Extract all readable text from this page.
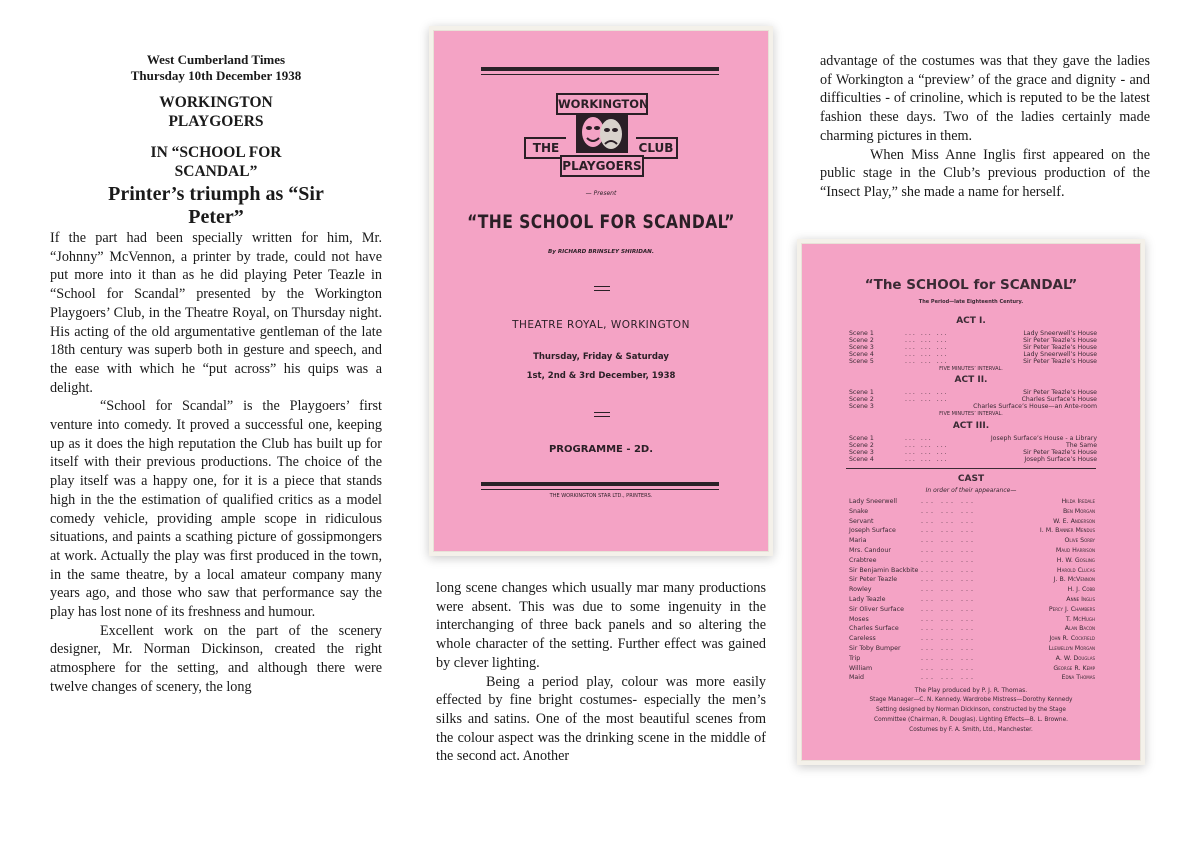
West Cumberland Times
Thursday 10th December 1938
WORKINGTON
PLAYGOERS
IN “SCHOOL FOR
SCANDAL”
Printer’s triumph as “Sir Peter”

If the part had been specially written for him, Mr. “Johnny” McVennon, a printer by trade, could not have put more into it than as he did playing Peter Teazle in “School for Scandal” presented by the Workington Playgoers’ Club, in the Theatre Royal, on Thursday night. His acting of the old argumentative gentleman of the late 18th century was superb both in gesture and speech, and the ease with which he “put across” his quips was a delight.

“School for Scandal” is the Playgoers’ first venture into comedy. It proved a successful one, keeping up as it does the high reputation the Club has built up for itself with their previous productions. The choice of the play itself was a happy one, for it is a piece that stands high in the the estimation of qualified critics as a model comedy vehicle, providing ample scope in ridiculous situations, and paints a scathing picture of gossipmongers at work. Actually the play was first produced in the town, in the same theatre, by a local amateur company many years ago, and those who saw that performance say the play has lost none of its freshness and humour.

Excellent work on the part of the scenery designer, Mr. Norman Dickinson, created the right atmosphere for the setting, and although there were twelve changes of scenery, the long

WORKINGTON
THE	CLUB
PLAYGOERS
— Present
“THE SCHOOL FOR SCANDAL”
By RICHARD BRINSLEY SHIRIDAN.
THEATRE ROYAL, WORKINGTON
Thursday, Friday & Saturday
1st, 2nd & 3rd December, 1938
PROGRAMME - 2D.
THE WORKINGTON STAR LTD., PRINTERS.

long scene changes which usually mar many productions were absent. This was due to some ingenuity in the interchanging of three back panels and so altering the whole character of the setting. Further effect was gained by clever lighting.

Being a period play, colour was more easily effected by fine bright costumes- especially the men’s silks and satins. One of the most beautiful scenes from the colour aspect was the drinking scene in the middle of the second act. Another

advantage of the costumes was that they gave the ladies of Workington a “preview’ of the grace and dignity - and difficulties - of crinoline, which is reputed to be the latest fashion these days. Two of the ladies certainly made charming pictures in them.

When Miss Anne Inglis first appeared on the public stage in the Club’s previous production of the “Insect Play,” she made a name for herself.

“The SCHOOL for SCANDAL”
The Period—late Eighteenth Century.
ACT I.
Scene 1	... ... ...	Lady Sneerwell’s House
Scene 2	... ... ...	Sir Peter Teazle’s House
Scene 3	... ... ...	Sir Peter Teazle’s House
Scene 4	... ... ...	Lady Sneerwell’s House
Scene 5	... ... ...	Sir Peter Teazle’s House
FIVE MINUTES’ INTERVAL.
ACT II.
Scene 1	... ... ...	Sir Peter Teazle’s House
Scene 2	... ... ...	Charles Surface’s House
Scene 3	Charles Surface’s House—an Ante-room
FIVE MINUTES’ INTERVAL.
ACT III.
Scene 1	... ...	Joseph Surface’s House - a Library
Scene 2	... ... ...	The Same
Scene 3	... ... ...	Sir Peter Teazle’s House
Scene 4	... ... ...	Joseph Surface’s House
CAST
In order of their appearance—
Lady Sneerwell	... ... ...	Hilda Iredale
Snake	... ... ...	Ben Morgan
Servant	... ... ...	W. E. Anderson
Joseph Surface	... ... ...	I. M. Banner Mendus
Maria	... ... ...	Olive Sorby
Mrs. Candour	... ... ...	Maud Harrison
Crabtree	... ... ...	H. W. Gosling
Sir Benjamin Backbite ... ... ...	Harold Clucas
Sir Peter Teazle	... ... ...	J. B. McVennon
Rowley	... ... ...	H. J. Cobb
Lady Teazle	... ... ...	Anne Inglis
Sir Oliver Surface	... ... ...	Percy J. Chambers
Moses	... ... ...	T. McHugh
Charles Surface	... ... ...	Alan Bacon
Careless	... ... ...	John R. Cockfield
Sir Toby Bumper	... ... ...	Llewellyn Morgan
Trip	... ... ...	A. W. Douglas
William	... ... ...	George R. Kemp
Maid	... ... ...	Edna Thomas
The Play produced by P. J. R. Thomas.
Stage Manager—C. N. Kennedy. Wardrobe Mistress—Dorothy Kennedy
Setting designed by Norman Dickinson, constructed by the Stage
Committee (Chairman, R. Douglas). Lighting Effects—B. L. Browne.
Costumes by F. A. Smith, Ltd., Manchester.
